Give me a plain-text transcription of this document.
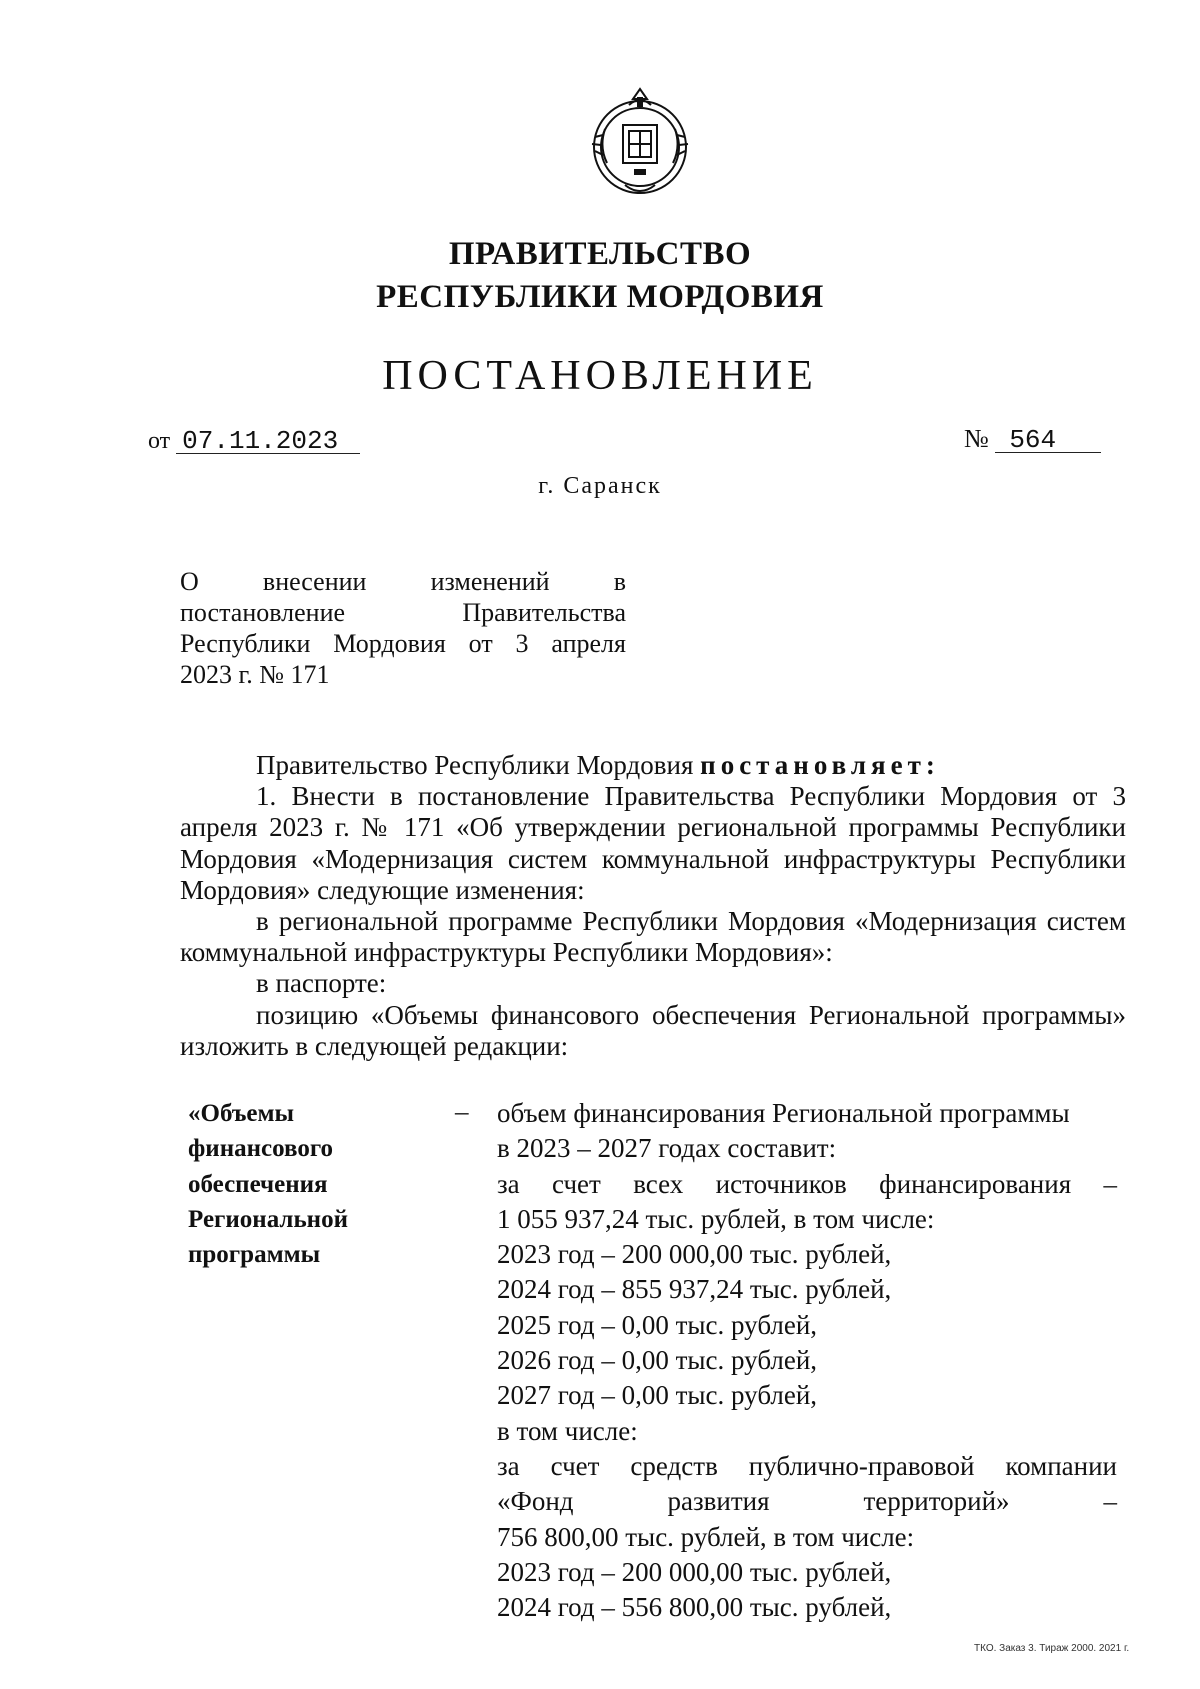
ПРАВИТЕЛЬСТВО
РЕСПУБЛИКИ МОРДОВИЯ
ПОСТАНОВЛЕНИЕ
от 07.11.2023	№ 564
г. Саранск
О внесении изменений в
постановление Правительства
Республики Мордовия от 3 апреля
2023 г. № 171

Правительство Республики Мордовия постановляет:

1. Внести в постановление Правительства Республики Мордовия от 3 апреля 2023 г. № 171 «Об утверждении региональной программы Республики Мордовия «Модернизация систем коммунальной инфраструктуры Республики Мордовия» следующие изменения:

в региональной программе Республики Мордовия «Модернизация систем коммунальной инфраструктуры Республики Мордовия»:

в паспорте:

позицию «Объемы финансового обеспечения Региональной программы» изложить в следующей редакции:

«Объемы
финансового
обеспечения
Региональной
программы
– объем финансирования Региональной программы
в 2023 – 2027 годах составит:
за счет всех источников финансирования –
1 055 937,24 тыс. рублей, в том числе:
2023 год – 200 000,00 тыс. рублей,
2024 год – 855 937,24 тыс. рублей,
2025 год – 0,00 тыс. рублей,
2026 год – 0,00 тыс. рублей,
2027 год – 0,00 тыс. рублей,
в том числе:
за счет средств публично-правовой компании
«Фонд развития территорий» –
756 800,00 тыс. рублей, в том числе:
2023 год – 200 000,00 тыс. рублей,
2024 год – 556 800,00 тыс. рублей,
ТКО. Заказ 3. Тираж 2000. 2021 г.
